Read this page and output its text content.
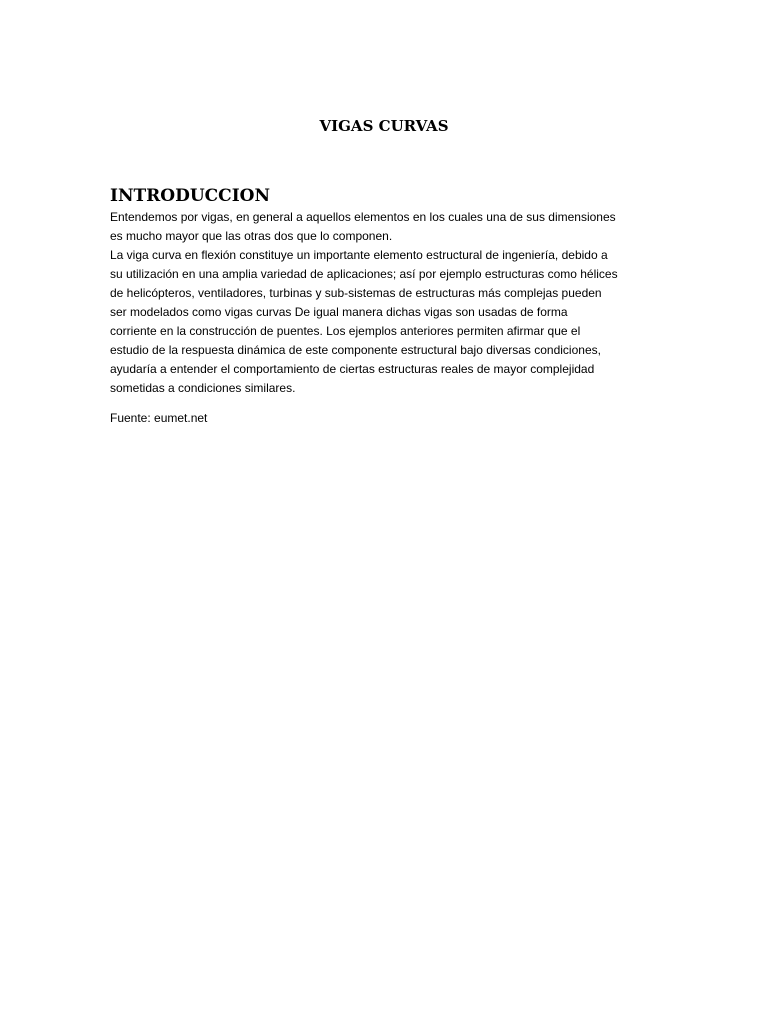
VIGAS CURVAS
INTRODUCCION

Entendemos por vigas, en general a aquellos elementos en los cuales una de sus dimensiones
es mucho mayor que las otras dos que lo componen.
La viga curva en flexión constituye un importante elemento estructural de ingeniería, debido a
su utilización en una amplia variedad de aplicaciones; así por ejemplo estructuras como hélices
de helicópteros, ventiladores, turbinas y sub-sistemas de estructuras más complejas pueden
ser modelados como vigas curvas De igual manera dichas vigas son usadas de forma
corriente en la construcción de puentes. Los ejemplos anteriores permiten afirmar que el
estudio de la respuesta dinámica de este componente estructural bajo diversas condiciones,
ayudaría a entender el comportamiento de ciertas estructuras reales de mayor complejidad
sometidas a condiciones similares.

Fuente: eumet.net
